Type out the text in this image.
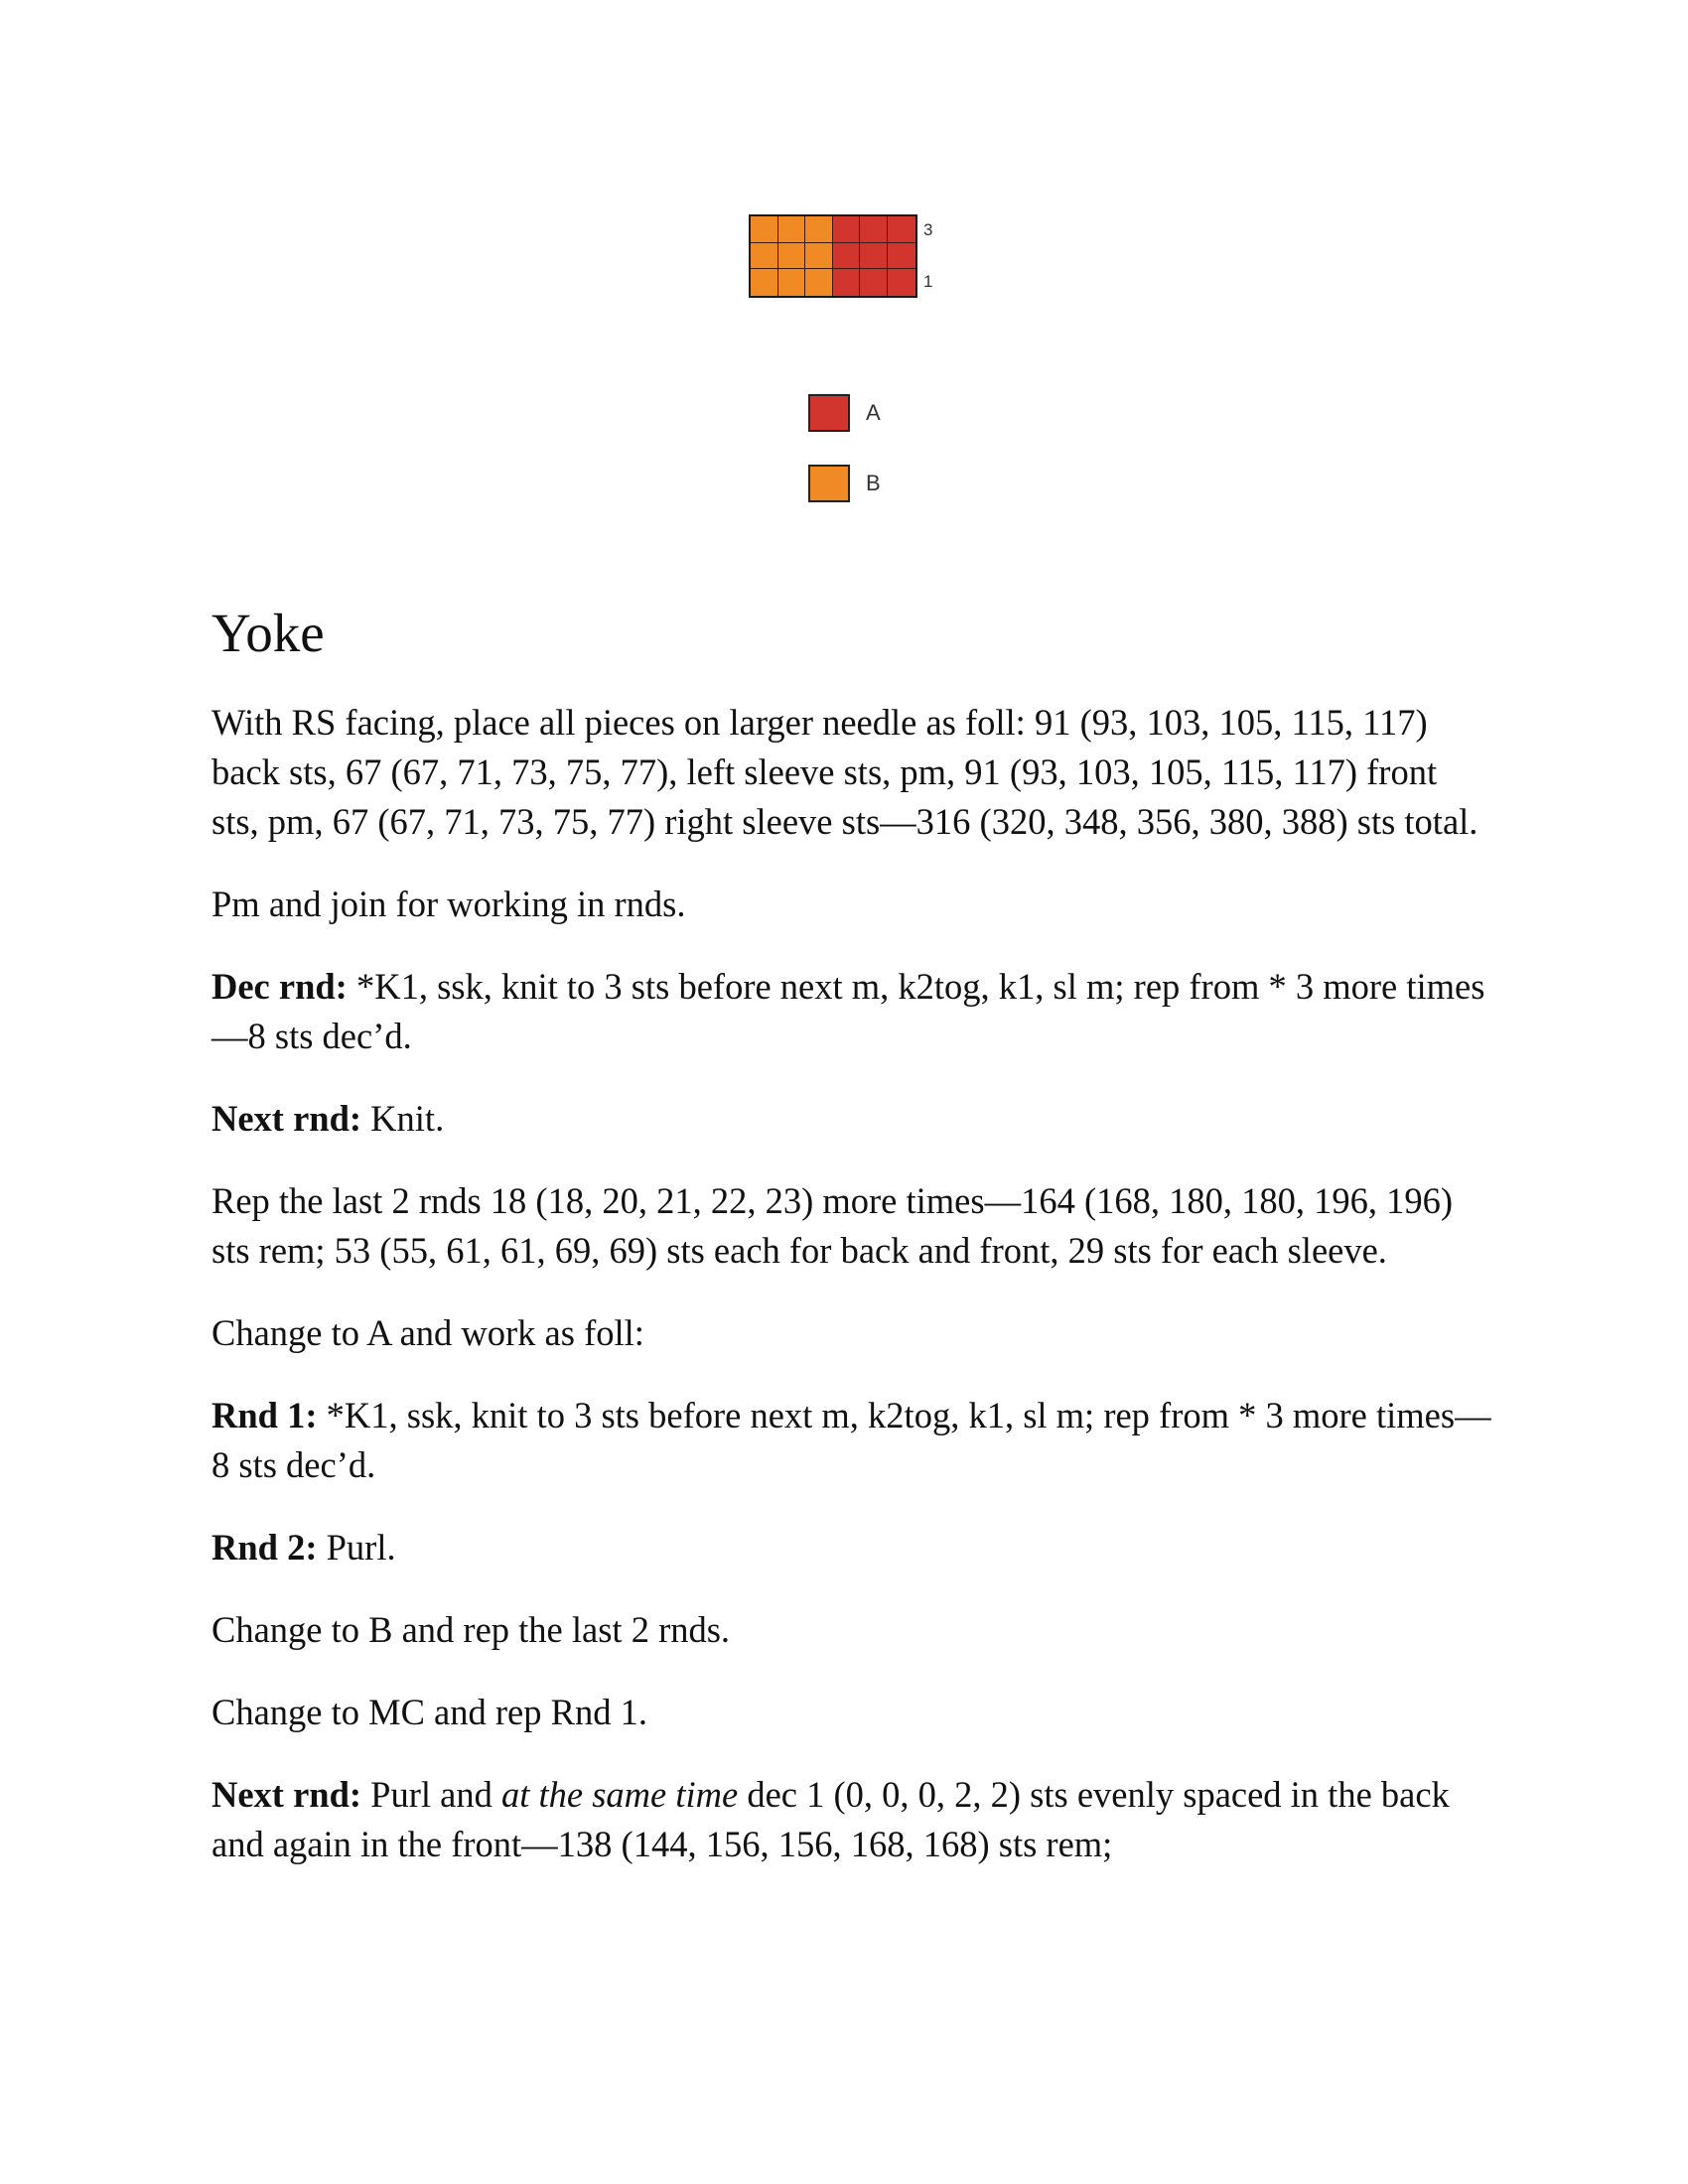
3
1
A
B
Yoke

With RS facing, place all pieces on larger needle as foll: 91 (93, 103, 105, 115, 117) back sts, 67 (67, 71, 73, 75, 77), left sleeve sts, pm, 91 (93, 103, 105, 115, 117) front sts, pm, 67 (67, 71, 73, 75, 77) right sleeve sts—316 (320, 348, 356, 380, 388) sts total.

Pm and join for working in rnds.

Dec rnd: *K1, ssk, knit to 3 sts before next m, k2tog, k1, sl m; rep from * 3 more times—8 sts dec’d.

Next rnd: Knit.

Rep the last 2 rnds 18 (18, 20, 21, 22, 23) more times—164 (168, 180, 180, 196, 196) sts rem; 53 (55, 61, 61, 69, 69) sts each for back and front, 29 sts for each sleeve.

Change to A and work as foll:

Rnd 1: *K1, ssk, knit to 3 sts before next m, k2tog, k1, sl m; rep from * 3 more times—8 sts dec’d.

Rnd 2: Purl.

Change to B and rep the last 2 rnds.

Change to MC and rep Rnd 1.

Next rnd: Purl and at the same time dec 1 (0, 0, 0, 2, 2) sts evenly spaced in the back and again in the front—138 (144, 156, 156, 168, 168) sts rem;
